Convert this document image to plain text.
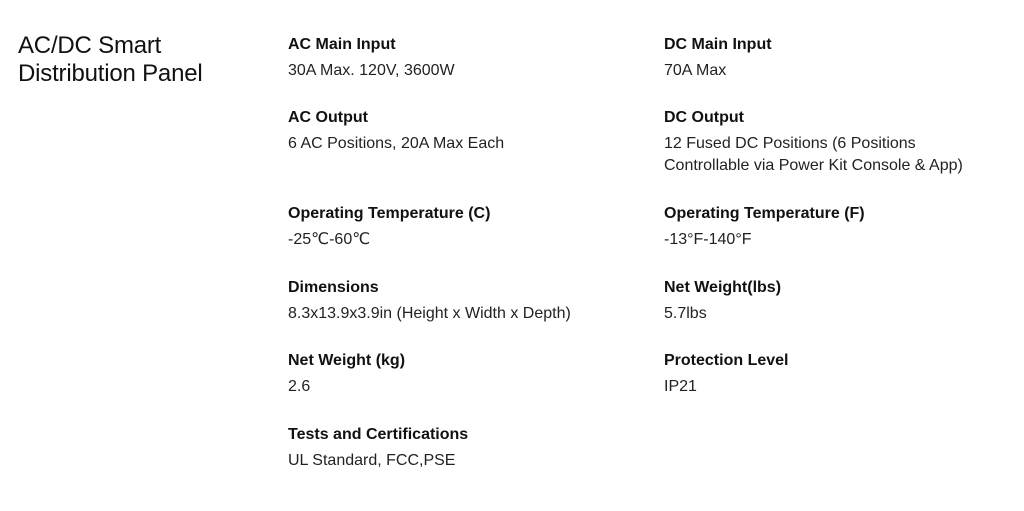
AC/DC Smart
Distribution Panel
AC Main Input
30A Max. 120V, 3600W
DC Main Input
70A Max
AC Output
6 AC Positions, 20A Max Each
DC Output
12 Fused DC Positions (6 Positions
Controllable via Power Kit Console & App)
Operating Temperature (C)
-25℃-60℃
Operating Temperature (F)
-13°F-140°F
Dimensions
8.3x13.9x3.9in (Height x Width x Depth)
Net Weight(lbs)
5.7lbs
Net Weight (kg)
2.6
Protection Level
IP21
Tests and Certifications
UL Standard, FCC,PSE
